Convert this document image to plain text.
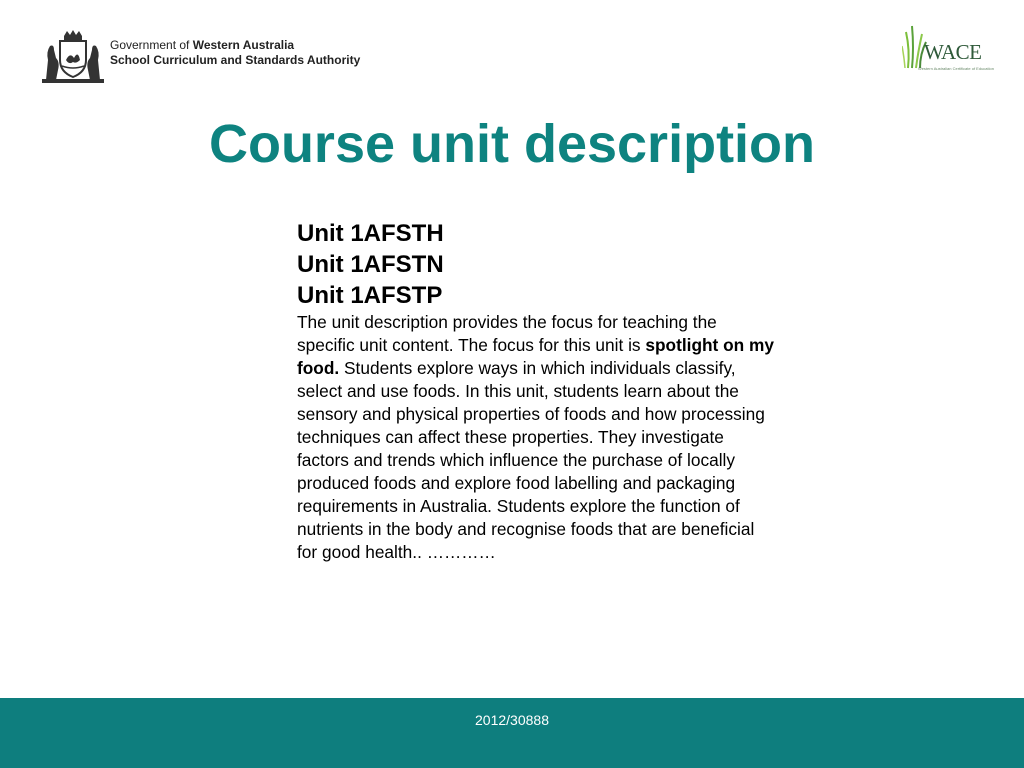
Government of Western Australia
School Curriculum and Standards Authority	WACE
Western Australian Certificate of Education
Course unit description

Unit 1AFSTH

Unit 1AFSTN

Unit 1AFSTP

The unit description provides the focus for teaching the specific unit content. The focus for this unit is spotlight on my food. Students explore ways in which individuals classify, select and use foods. In this unit, students learn about the sensory and physical properties of foods and how processing techniques can affect these properties. They investigate factors and trends which influence the purchase of locally produced foods and explore food labelling and packaging requirements in Australia. Students explore the function of nutrients in the body and recognise foods that are beneficial for good health.. …………

2012/30888
